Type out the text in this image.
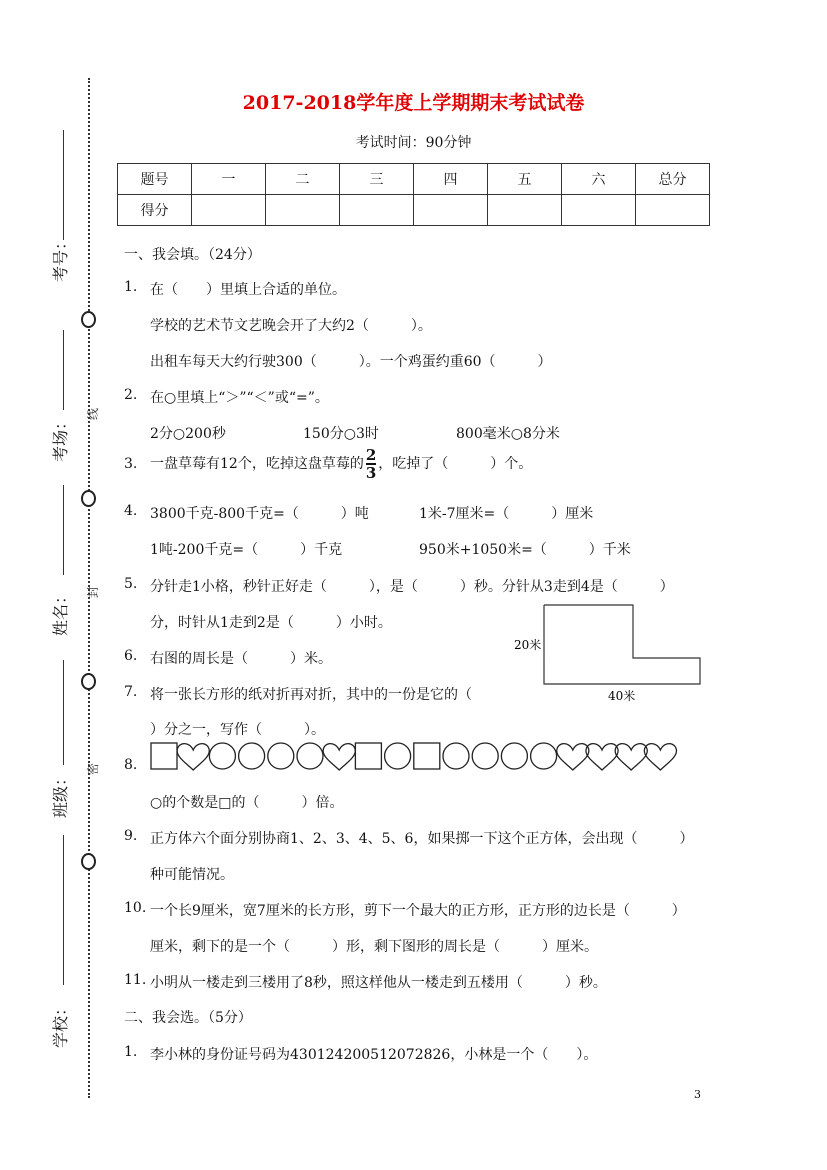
考号：
考场： 线
姓名： 封
班级：
密
学校：
2017-2018学年度上学期期末考试试卷
考试时间：90分钟
题号	一	二	三	四	五	六	总分
得分							
一、我会填。（24分）
1. 在（　　）里填上合适的单位。
学校的艺术节文艺晚会开了大约2（　　　）。
出租车每天大约行驶300（　　　）。一个鸡蛋约重60（　　　）
2. 在○里填上“＞”“＜”或“=”。
2分○200秒	150分○3时	800毫米○8分米
3. 一盘草莓有12个，吃掉这盘草莓的 $\frac{2}{3}$ ，吃掉了（　　　）个。
4. 3800千克-800千克=（　　　）吨	1米-7厘米=（　　　）厘米
1吨-200千克=（　　　）千克	950米+1050米=（　　　）千米
5. 分针走1小格，秒针正好走（　　　），是（　　　）秒。分针从3走到4是（　　　）
分，时针从1走到2是（　　　）小时。
20米
40米
6. 右图的周长是（　　　）米。
7. 将一张长方形的纸对折再对折，其中的一份是它的（
）分之一，写作（　　　）。
8.
○的个数是□的（　　　）倍。
9. 正方体六个面分别协商1、2、3、4、5、6，如果掷一下这个正方体，会出现（　　　）
种可能情况。
10. 一个长9厘米，宽7厘米的长方形，剪下一个最大的正方形，正方形的边长是（　　　）
厘米，剩下的是一个（　　　）形，剩下图形的周长是（　　　）厘米。
11. 小明从一楼走到三楼用了8秒，照这样他从一楼走到五楼用（　　　）秒。
二、我会选。（5分）
1. 李小林的身份证号码为43012420051207282​6，小林是一个（　　）。
3
